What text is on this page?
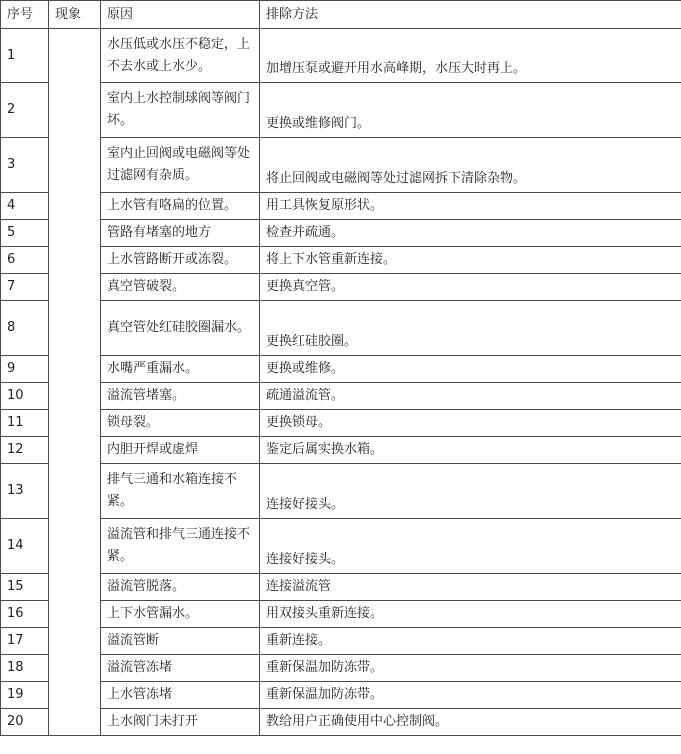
序号	现象	原因	排除方法
1		水压低或水压不稳定，上不去水或上水少。	加增压泵或避开用水高峰期，水压大时再上。
2		室内上水控制球阀等阀门坏。	更换或维修阀门。
3		室内止回阀或电磁阀等处过滤网有杂质。	将止回阀或电磁阀等处过滤网拆下清除杂物。
4		上水管有咯扁的位置。	用工具恢复原形状。
5		管路有堵塞的地方	检查并疏通。
6		上水管路断开或冻裂。	将上下水管重新连接。
7		真空管破裂。	更换真空管。
8		真空管处红硅胶圈漏水。	更换红硅胶圈。
9		水嘴严重漏水。	更换或维修。
10		溢流管堵塞。	疏通溢流管。
11		锁母裂。	更换锁母。
12		内胆开焊或虚焊	鉴定后属实换水箱。
13		排气三通和水箱连接不紧。	连接好接头。
14		溢流管和排气三通连接不紧。	连接好接头。
15		溢流管脱落。	连接溢流管
16		上下水管漏水。	用双接头重新连接。
17		溢流管断	重新连接。
18		溢流管冻堵	重新保温加防冻带。
19		上水管冻堵	重新保温加防冻带。
20		上水阀门未打开	教给用户正确使用中心控制阀。
